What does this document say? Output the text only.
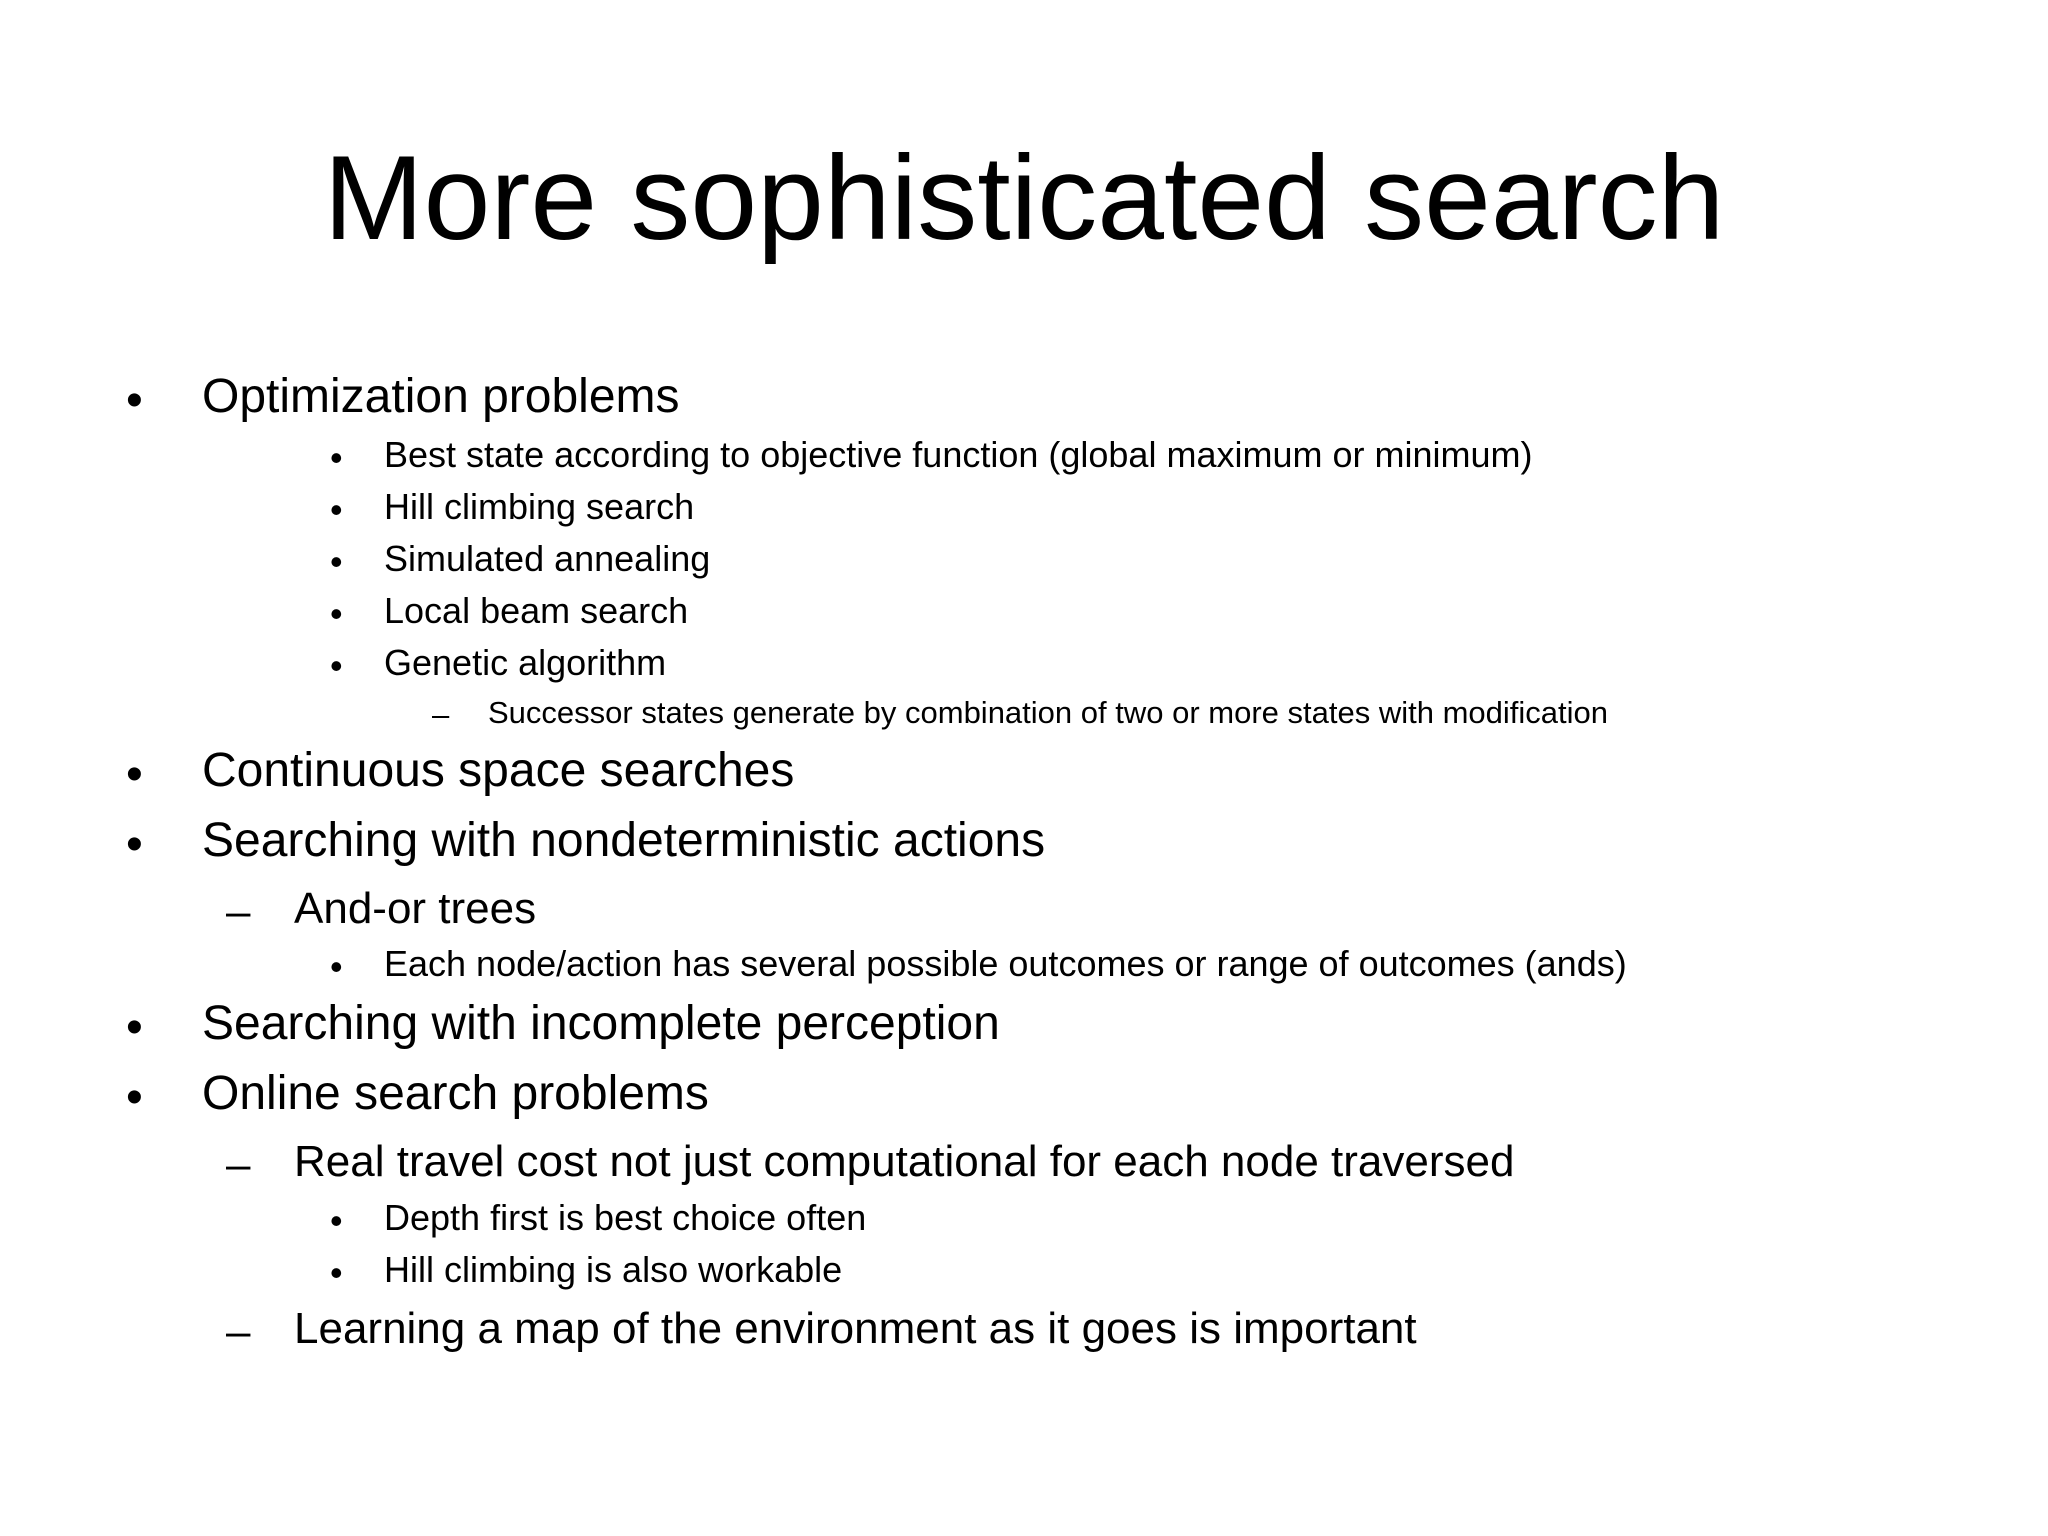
More sophisticated search
• Optimization problems
• Best state according to objective function (global maximum or minimum)
• Hill climbing search
• Simulated annealing
• Local beam search
• Genetic algorithm
– Successor states generate by combination of two or more states with modification
• Continuous space searches
• Searching with nondeterministic actions
– And-or trees
• Each node/action has several possible outcomes or range of outcomes (ands)
• Searching with incomplete perception
• Online search problems
– Real travel cost not just computational for each node traversed
• Depth first is best choice often
• Hill climbing is also workable
– Learning a map of the environment as it goes is important
